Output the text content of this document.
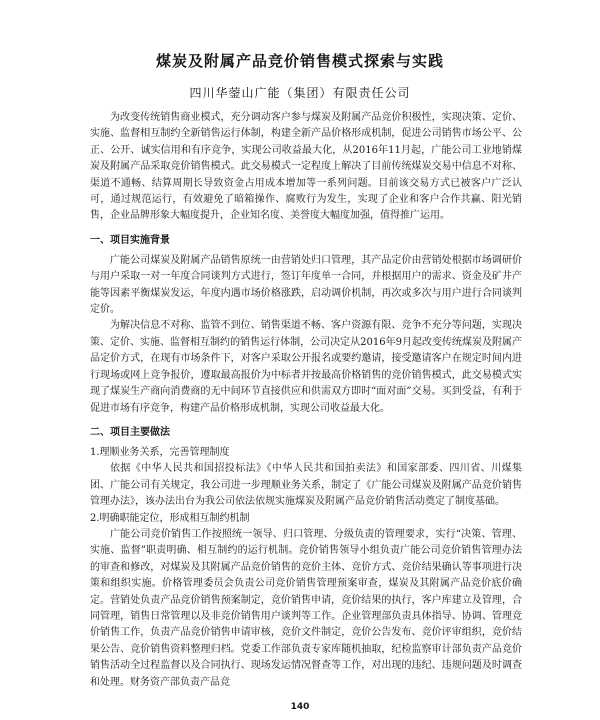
煤炭及附属产品竞价销售模式探索与实践
四川华蓥山广能（集团）有限责任公司

为改变传统销售商业模式，充分调动客户参与煤炭及附属产品竞价积极性，实现决策、定价、实施、监督相互制约全新销售运行体制，构建全新产品价格形成机制，促进公司销售市场公平、公正、公开、诚实信用和有序竞争，实现公司收益最大化，从2016年11月起，广能公司工业地销煤炭及附属产品采取竞价销售模式。此交易模式一定程度上解决了目前传统煤炭交易中信息不对称、渠道不通畅、结算周期长导致资金占用成本增加等一系列问题。目前该交易方式已被客户广泛认可，通过规范运行，有效避免了暗箱操作、腐败行为发生，实现了企业和客户合作共赢、阳光销售，企业品牌形象大幅度提升，企业知名度、美誉度大幅度加强，值得推广运用。

一、项目实施背景

广能公司煤炭及附属产品销售原统一由营销处归口管理，其产品定价由营销处根据市场调研价与用户采取一对一年度合同谈判方式进行，签订年度单一合同，并根据用户的需求、资金及矿井产能等因素平衡煤炭发运，年度内遇市场价格涨跌，启动调价机制，再次或多次与用户进行合同谈判定价。

为解决信息不对称、监管不到位、销售渠道不畅、客户资源有限、竞争不充分等问题，实现决策、定价、实施、监督相互制约的销售运行体制，公司决定从2016年9月起改变传统煤炭及附属产品定价方式，在现有市场条件下，对客户采取公开报名或要约邀请，接受邀请客户在规定时间内进行现场或网上竞争报价，遵取最高报价为中标者并按最高价格销售的竞价销售模式，此交易模式实现了煤炭生产商向消费商的无中间环节直接供应和供需双方即时“面对面”交易。买到受益，有利于促进市场有序竞争，构建产品价格形成机制，实现公司收益最大化。

二、项目主要做法
1.理顺业务关系，完善管理制度

依据《中华人民共和国招投标法》《中华人民共和国拍卖法》和国家部委、四川省、川煤集团、广能公司有关规定，我公司进一步理顺业务关系，制定了《广能公司煤炭及附属产品竞价销售管理办法》，该办法出台为我公司依法依规实施煤炭及附属产品竞价销售活动奠定了制度基础。

2.明确职能定位，形成相互制约机制

广能公司竞价销售工作按照统一领导、归口管理、分级负责的管理要求，实行“决策、管理、实施、监督”职责明确、相互制约的运行机制。竞价销售领导小组负责广能公司竞价销售管理办法的审查和修改，对煤炭及其附属产品竞价销售的竞价主体、竞价方式、竞价结果确认等事项进行决策和组织实施。价格管理委员会负责公司竞价销售管理预案审查，煤炭及其附属产品竞价底价确定。营销处负责产品竞价销售预案制定，竞价销售申请，竞价结果的执行，客户库建立及管理，合同管理，销售日常管理以及非竞价销售用户谈判等工作。企业管理部负责具体指导、协调、管理竞价销售工作，负责产品竞价销售申请审核，竞价文件制定，竞价公告发布、竞价评审组织，竞价结果公告、竞价销售资料整理归档。党委工作部负责专家库随机抽取，纪检监察审计部负责产品竞价销售活动全过程监督以及合同执行、现场发运情况督查等工作，对出现的违纪、违规问题及时调查和处理。财务资产部负责产品竞

140
